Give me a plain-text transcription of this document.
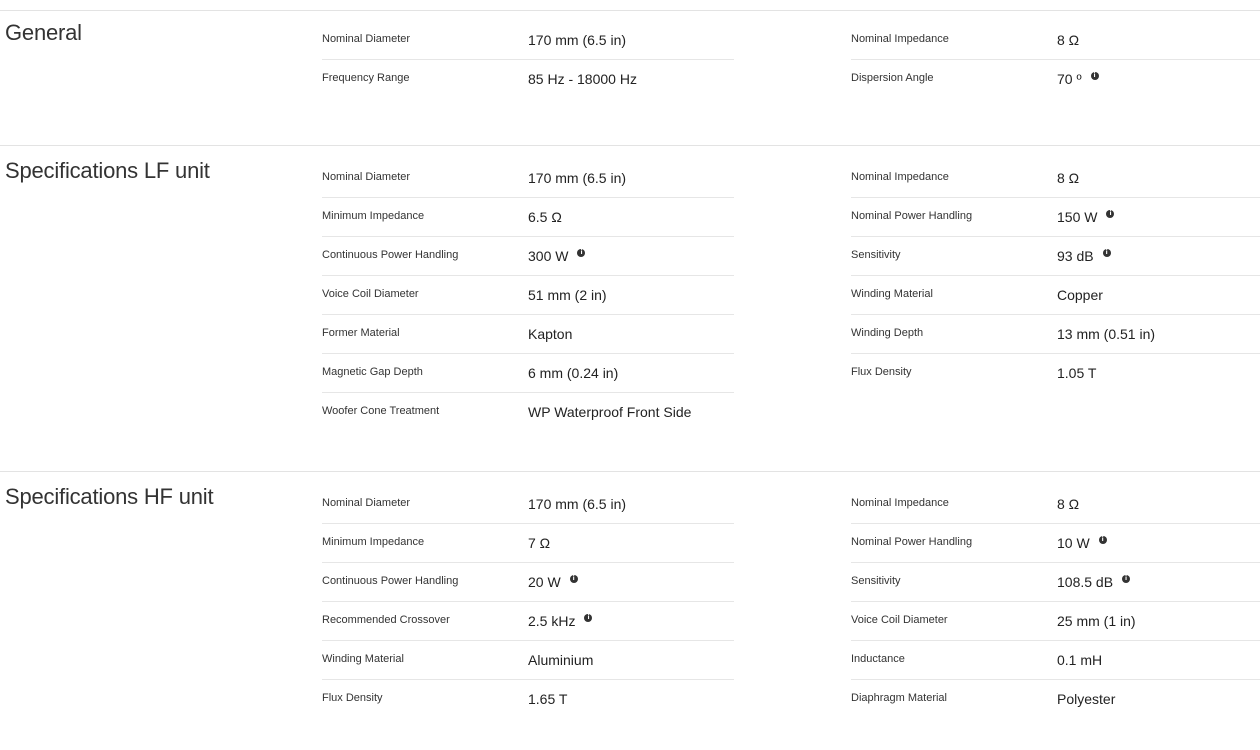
General	Nominal Diameter	170 mm (6.5 in)
Frequency Range	85 Hz - 18000 Hz
Nominal Impedance	8 Ω
Dispersion Angle	70 º	i
Specifications LF unit	Nominal Diameter	170 mm (6.5 in)
Minimum Impedance	6.5 Ω
Continuous Power Handling	300 W	i
Voice Coil Diameter	51 mm (2 in)
Former Material	Kapton
Magnetic Gap Depth	6 mm (0.24 in)
Woofer Cone Treatment	WP Waterproof Front Side
Nominal Impedance	8 Ω
Nominal Power Handling	150 W	i
Sensitivity	93 dB	i
Winding Material	Copper
Winding Depth	13 mm (0.51 in)
Flux Density	1.05 T
Specifications HF unit	Nominal Diameter	170 mm (6.5 in)
Minimum Impedance	7 Ω
Continuous Power Handling	20 W	i
Recommended Crossover	2.5 kHz	i
Winding Material	Aluminium
Flux Density	1.65 T
Nominal Impedance	8 Ω
Nominal Power Handling	10 W	i
Sensitivity	108.5 dB	i
Voice Coil Diameter	25 mm (1 in)
Inductance	0.1 mH
Diaphragm Material	Polyester
